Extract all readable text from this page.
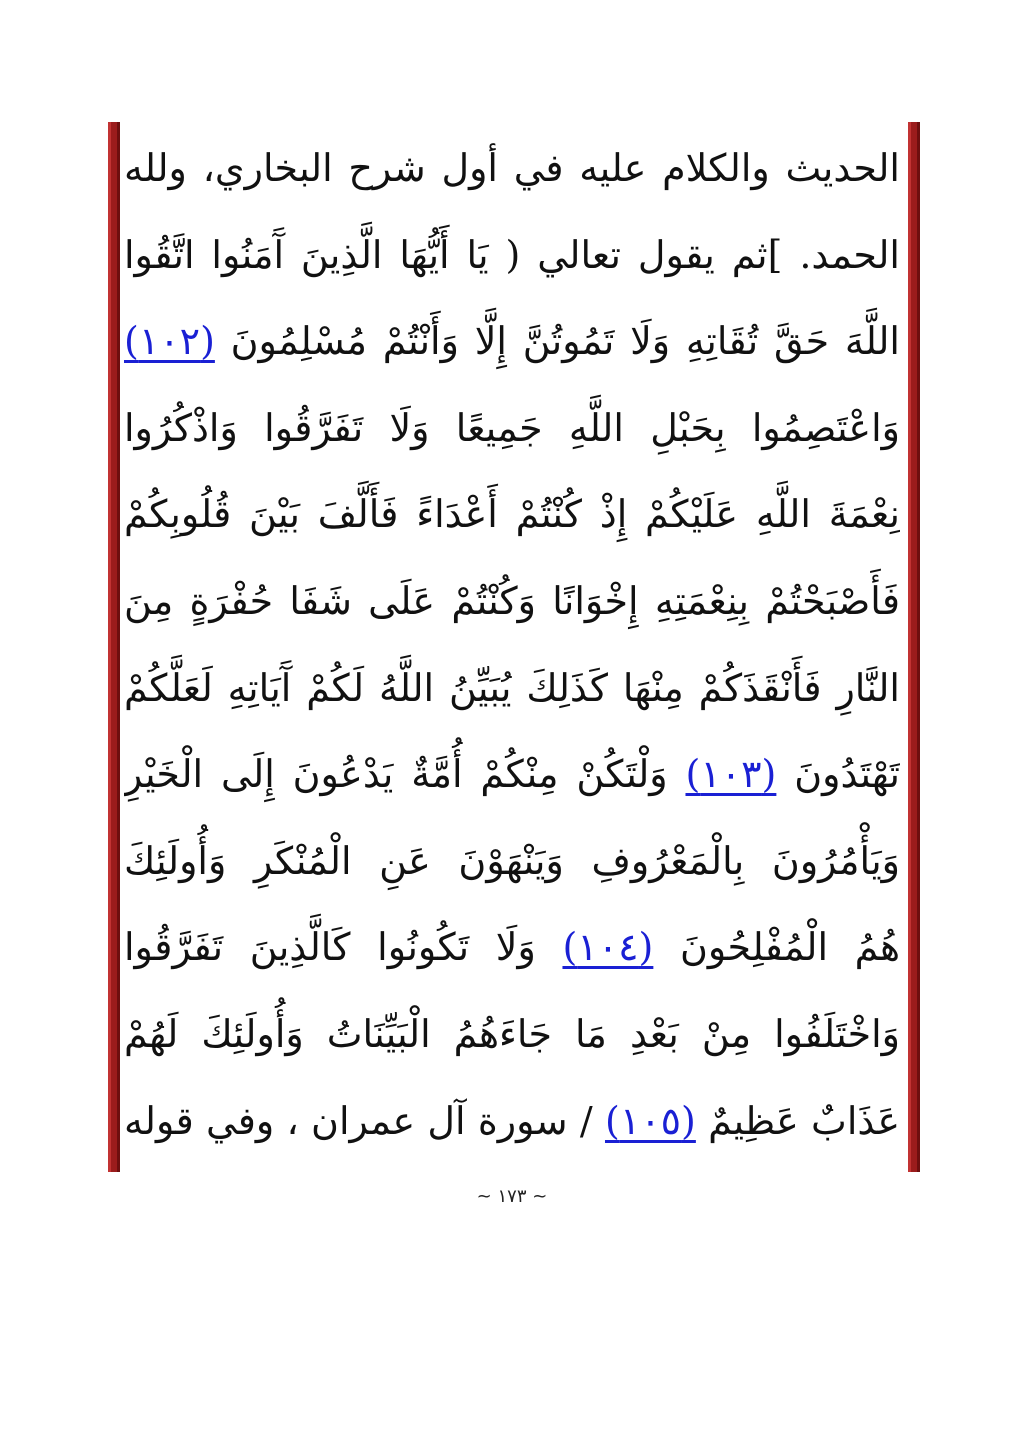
الحديث والكلام عليه في أول شرح البخاري، ولله
الحمد. ]ثم يقول تعالي ( يَا أَيُّهَا الَّذِينَ آَمَنُوا اتَّقُوا
اللَّهَ حَقَّ تُقَاتِهِ وَلَا تَمُوتُنَّ إِلَّا وَأَنْتُمْ مُسْلِمُونَ (١٠٢)
وَاعْتَصِمُوا بِحَبْلِ اللَّهِ جَمِيعًا وَلَا تَفَرَّقُوا وَاذْكُرُوا
نِعْمَةَ اللَّهِ عَلَيْكُمْ إِذْ كُنْتُمْ أَعْدَاءً فَأَلَّفَ بَيْنَ قُلُوبِكُمْ
فَأَصْبَحْتُمْ بِنِعْمَتِهِ إِخْوَانًا وَكُنْتُمْ عَلَى شَفَا حُفْرَةٍ مِنَ
النَّارِ فَأَنْقَذَكُمْ مِنْهَا كَذَلِكَ يُبَيِّنُ اللَّهُ لَكُمْ آَيَاتِهِ لَعَلَّكُمْ
تَهْتَدُونَ (١٠٣) وَلْتَكُنْ مِنْكُمْ أُمَّةٌ يَدْعُونَ إِلَى الْخَيْرِ
وَيَأْمُرُونَ بِالْمَعْرُوفِ وَيَنْهَوْنَ عَنِ الْمُنْكَرِ وَأُولَئِكَ
هُمُ الْمُفْلِحُونَ (١٠٤) وَلَا تَكُونُوا كَالَّذِينَ تَفَرَّقُوا
وَاخْتَلَفُوا مِنْ بَعْدِ مَا جَاءَهُمُ الْبَيِّنَاتُ وَأُولَئِكَ لَهُمْ
عَذَابٌ عَظِيمٌ (١٠٥) / سورة آل عمران ، وفي قوله
~ ١٧٣ ~
